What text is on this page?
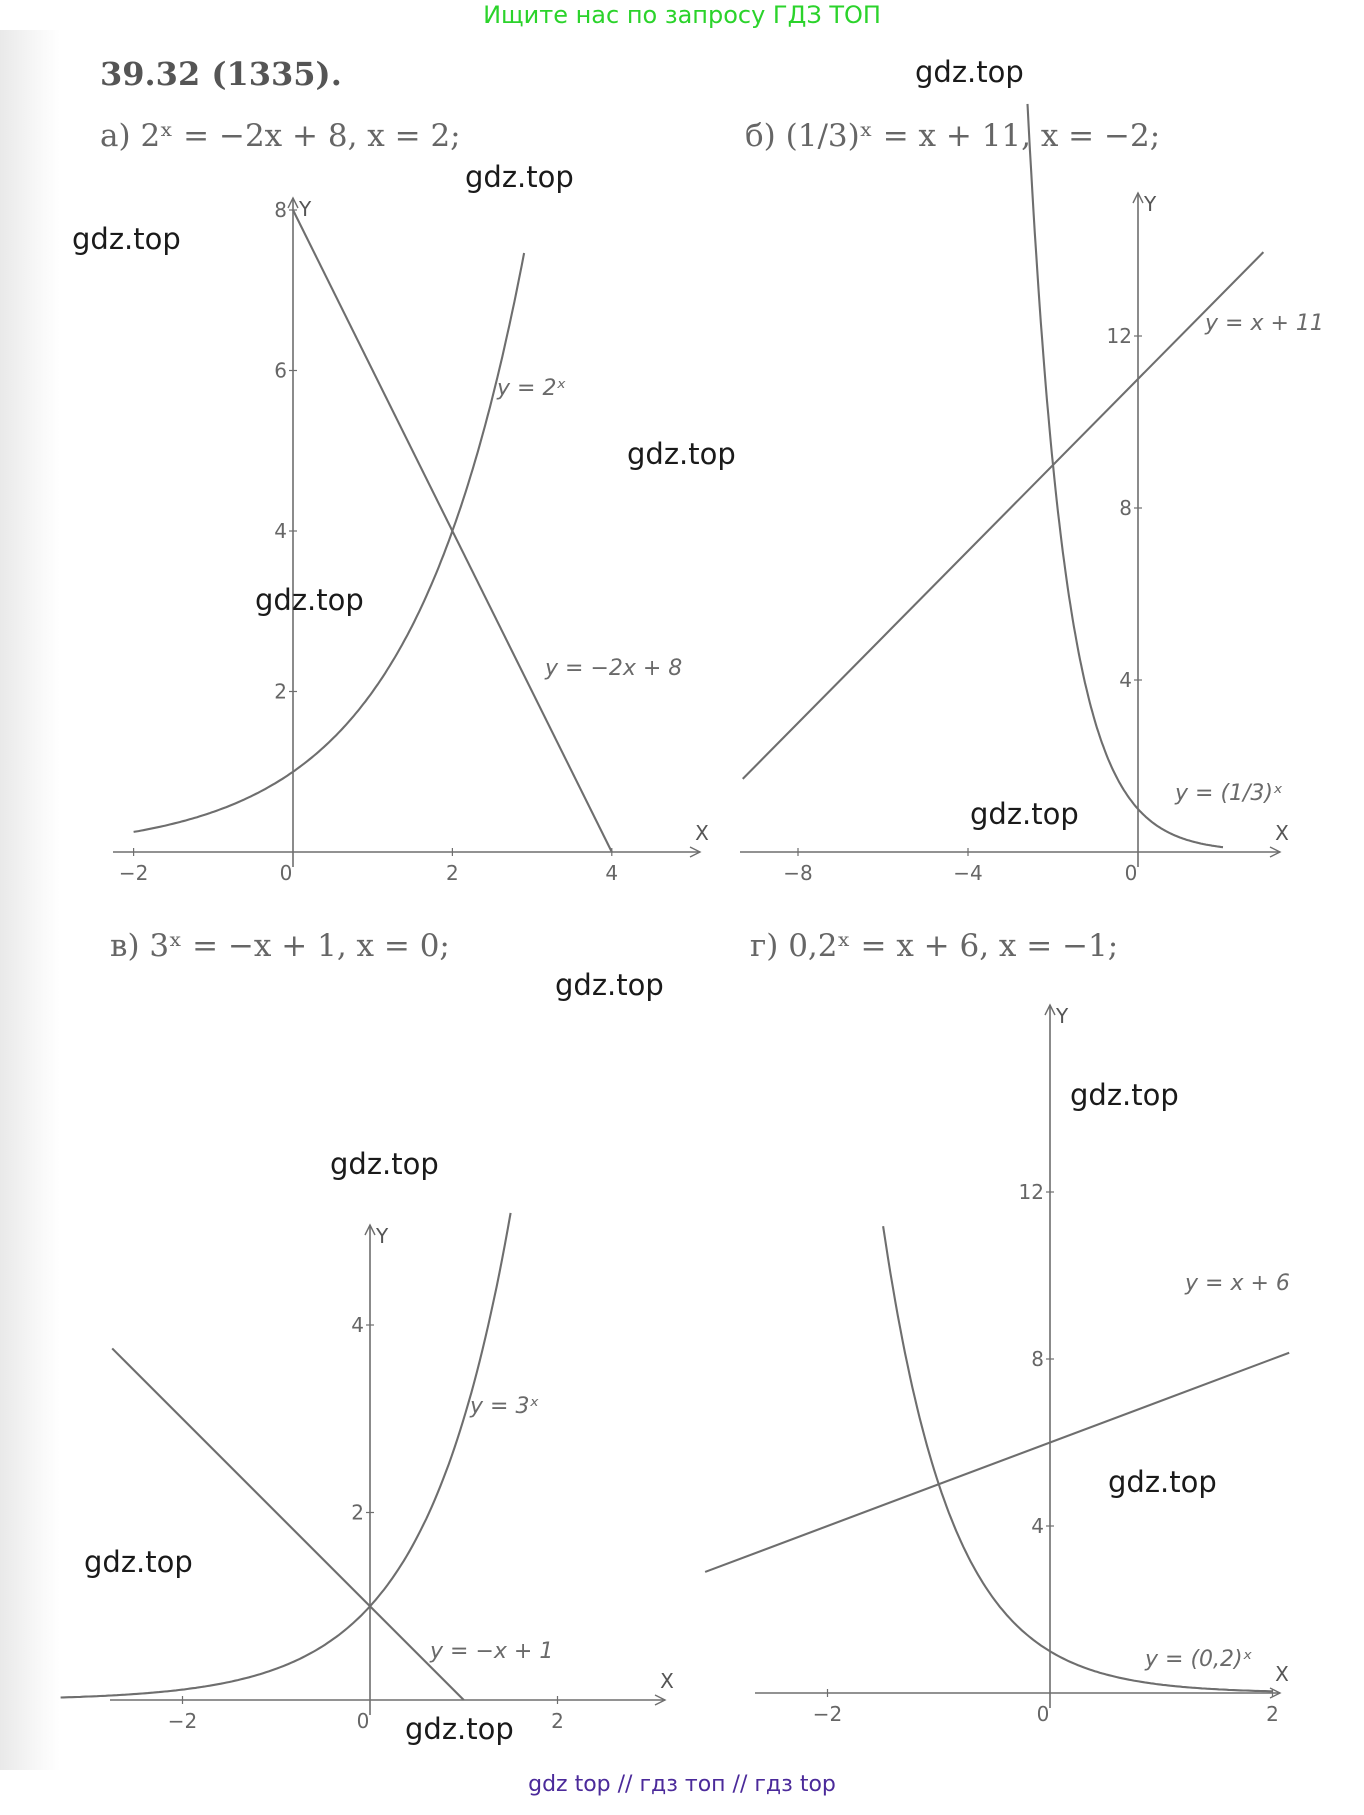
Ищите нас по запросу ГДЗ ТОП
39.32 (1335).
а) 2ˣ = −2x + 8, x = 2;	б) (1/3)ˣ = x + 11, x = −2;
в) 3ˣ = −x + 1, x = 0;	г) 0,2ˣ = x + 6, x = −1;
X
Y
−2	0	2	4
2
4
6
8
y = 2ˣ
y = −2x + 8
X
Y
−8	−4	0
4
8
12
y = (1/3)ˣ
y = x + 11
X
Y
−2	0	2
2
4
y = 3ˣ
y = −x + 1
X
Y
−2	0	2
4
8
12
y = (0,2)ˣ
y = x + 6
gdz.top
gdz.top
gdz.top
gdz.top
gdz.top
gdz.top
gdz.top
gdz.top
gdz.top
gdz.top
gdz.top
gdz.top
gdz top // гдз топ // гдз top
